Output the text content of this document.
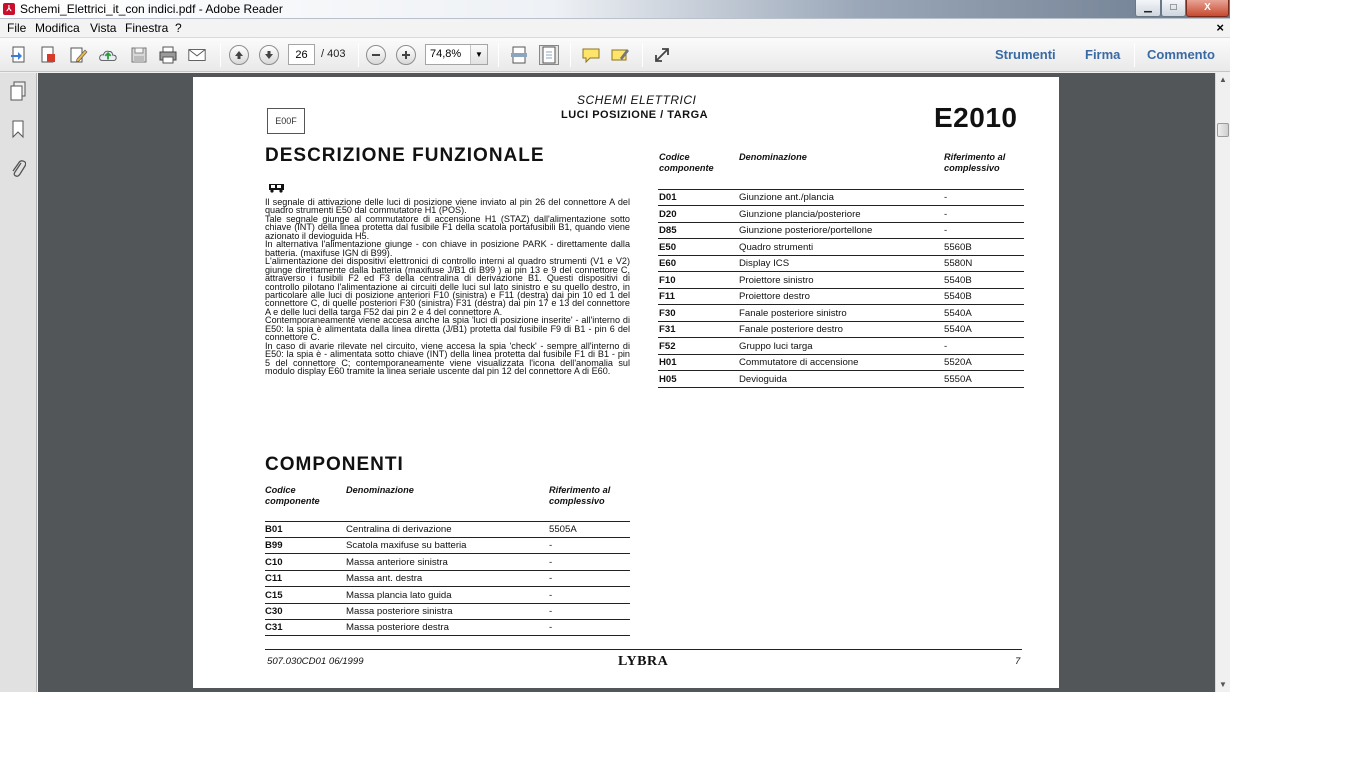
⅄ Schemi_Elettrici_it_con indici.pdf - Adobe Reader	▁	□	X
File Modifica Vista Finestra ?	×
26
/ 403	74,8%	▼	Strumenti Firma Commento
E00F
SCHEMI ELETTRICI
LUCI POSIZIONE / TARGA	E2010
DESCRIZIONE FUNZIONALE

Il segnale di attivazione delle luci di posizione viene inviato al pin 26 del connettore A del quadro strumenti E50 dal commutatore H1 (POS).

Tale segnale giunge al commutatore di accensione H1 (STAZ) dall'alimentazione sotto chiave (INT) della linea protetta dal fusibile F1 della scatola portafusibili B1, quando viene azionato il devioguida H5.

In alternativa l'alimentazione giunge - con chiave in posizione PARK - direttamente dalla batteria. (maxifuse IGN di B99).

L'alimentazione dei dispositivi elettronici di controllo interni al quadro strumenti (V1 e V2) giunge direttamente dalla batteria (maxifuse J/B1 di B99 ) ai pin 13 e 9 del connettore C, attraverso i fusibili F2 ed F3 della centralina di derivazione B1. Questi dispositivi di controllo pilotano l'alimentazione ai circuiti delle luci sul lato sinistro e su quello destro, in particolare alle luci di posizione anteriori F10 (sinistra) e F11 (destra) dai pin 10 ed 1 del connettore C, di quelle posteriori F30 (sinistra) F31 (destra) dai pin 17 e 13 del connettore A e delle luci della targa F52 dai pin 2 e 4 del connettore A.

Contemporaneamente viene accesa anche la spia 'luci di posizione inserite' - all'interno di E50: la spia è alimentata dalla linea diretta (J/B1) protetta dal fusibile F9 di B1 - pin 6 del connettore C.

In caso di avarie rilevate nel circuito, viene accesa la spia 'check' - sempre all'interno di E50: la spia è - alimentata sotto chiave (INT) della linea protetta dal fusibile F1 di B1 - pin 5 del connettore C; contemporaneamente viene visualizzata l'icona dell'anomalia sul modulo display E60 tramite la linea seriale uscente dal pin 12 del connettore A di E60.

COMPONENTI
Codice componente
Denominazione	Riferimento al complessivo
B01	Centralina di derivazione	5505A
B99	Scatola maxifuse su batteria	-
C10	Massa anteriore sinistra	-
C11	Massa ant. destra	-
C15	Massa plancia lato guida	-
C30	Massa posteriore sinistra	-
C31	Massa posteriore destra	-
Codice componente
Denominazione	Riferimento al complessivo
D01	Giunzione ant./plancia	-
D20	Giunzione plancia/posteriore	-
D85	Giunzione posteriore/portellone	-
E50	Quadro strumenti	5560B
E60	Display ICS	5580N
F10	Proiettore sinistro	5540B
F11	Proiettore destro	5540B
F30	Fanale posteriore sinistro	5540A
F31	Fanale posteriore destro	5540A
F52	Gruppo luci targa	-
H01	Commutatore di accensione	5520A
H05	Devioguida	5550A
507.030CD01 06/1999	LYBRA	7
▲
▼
